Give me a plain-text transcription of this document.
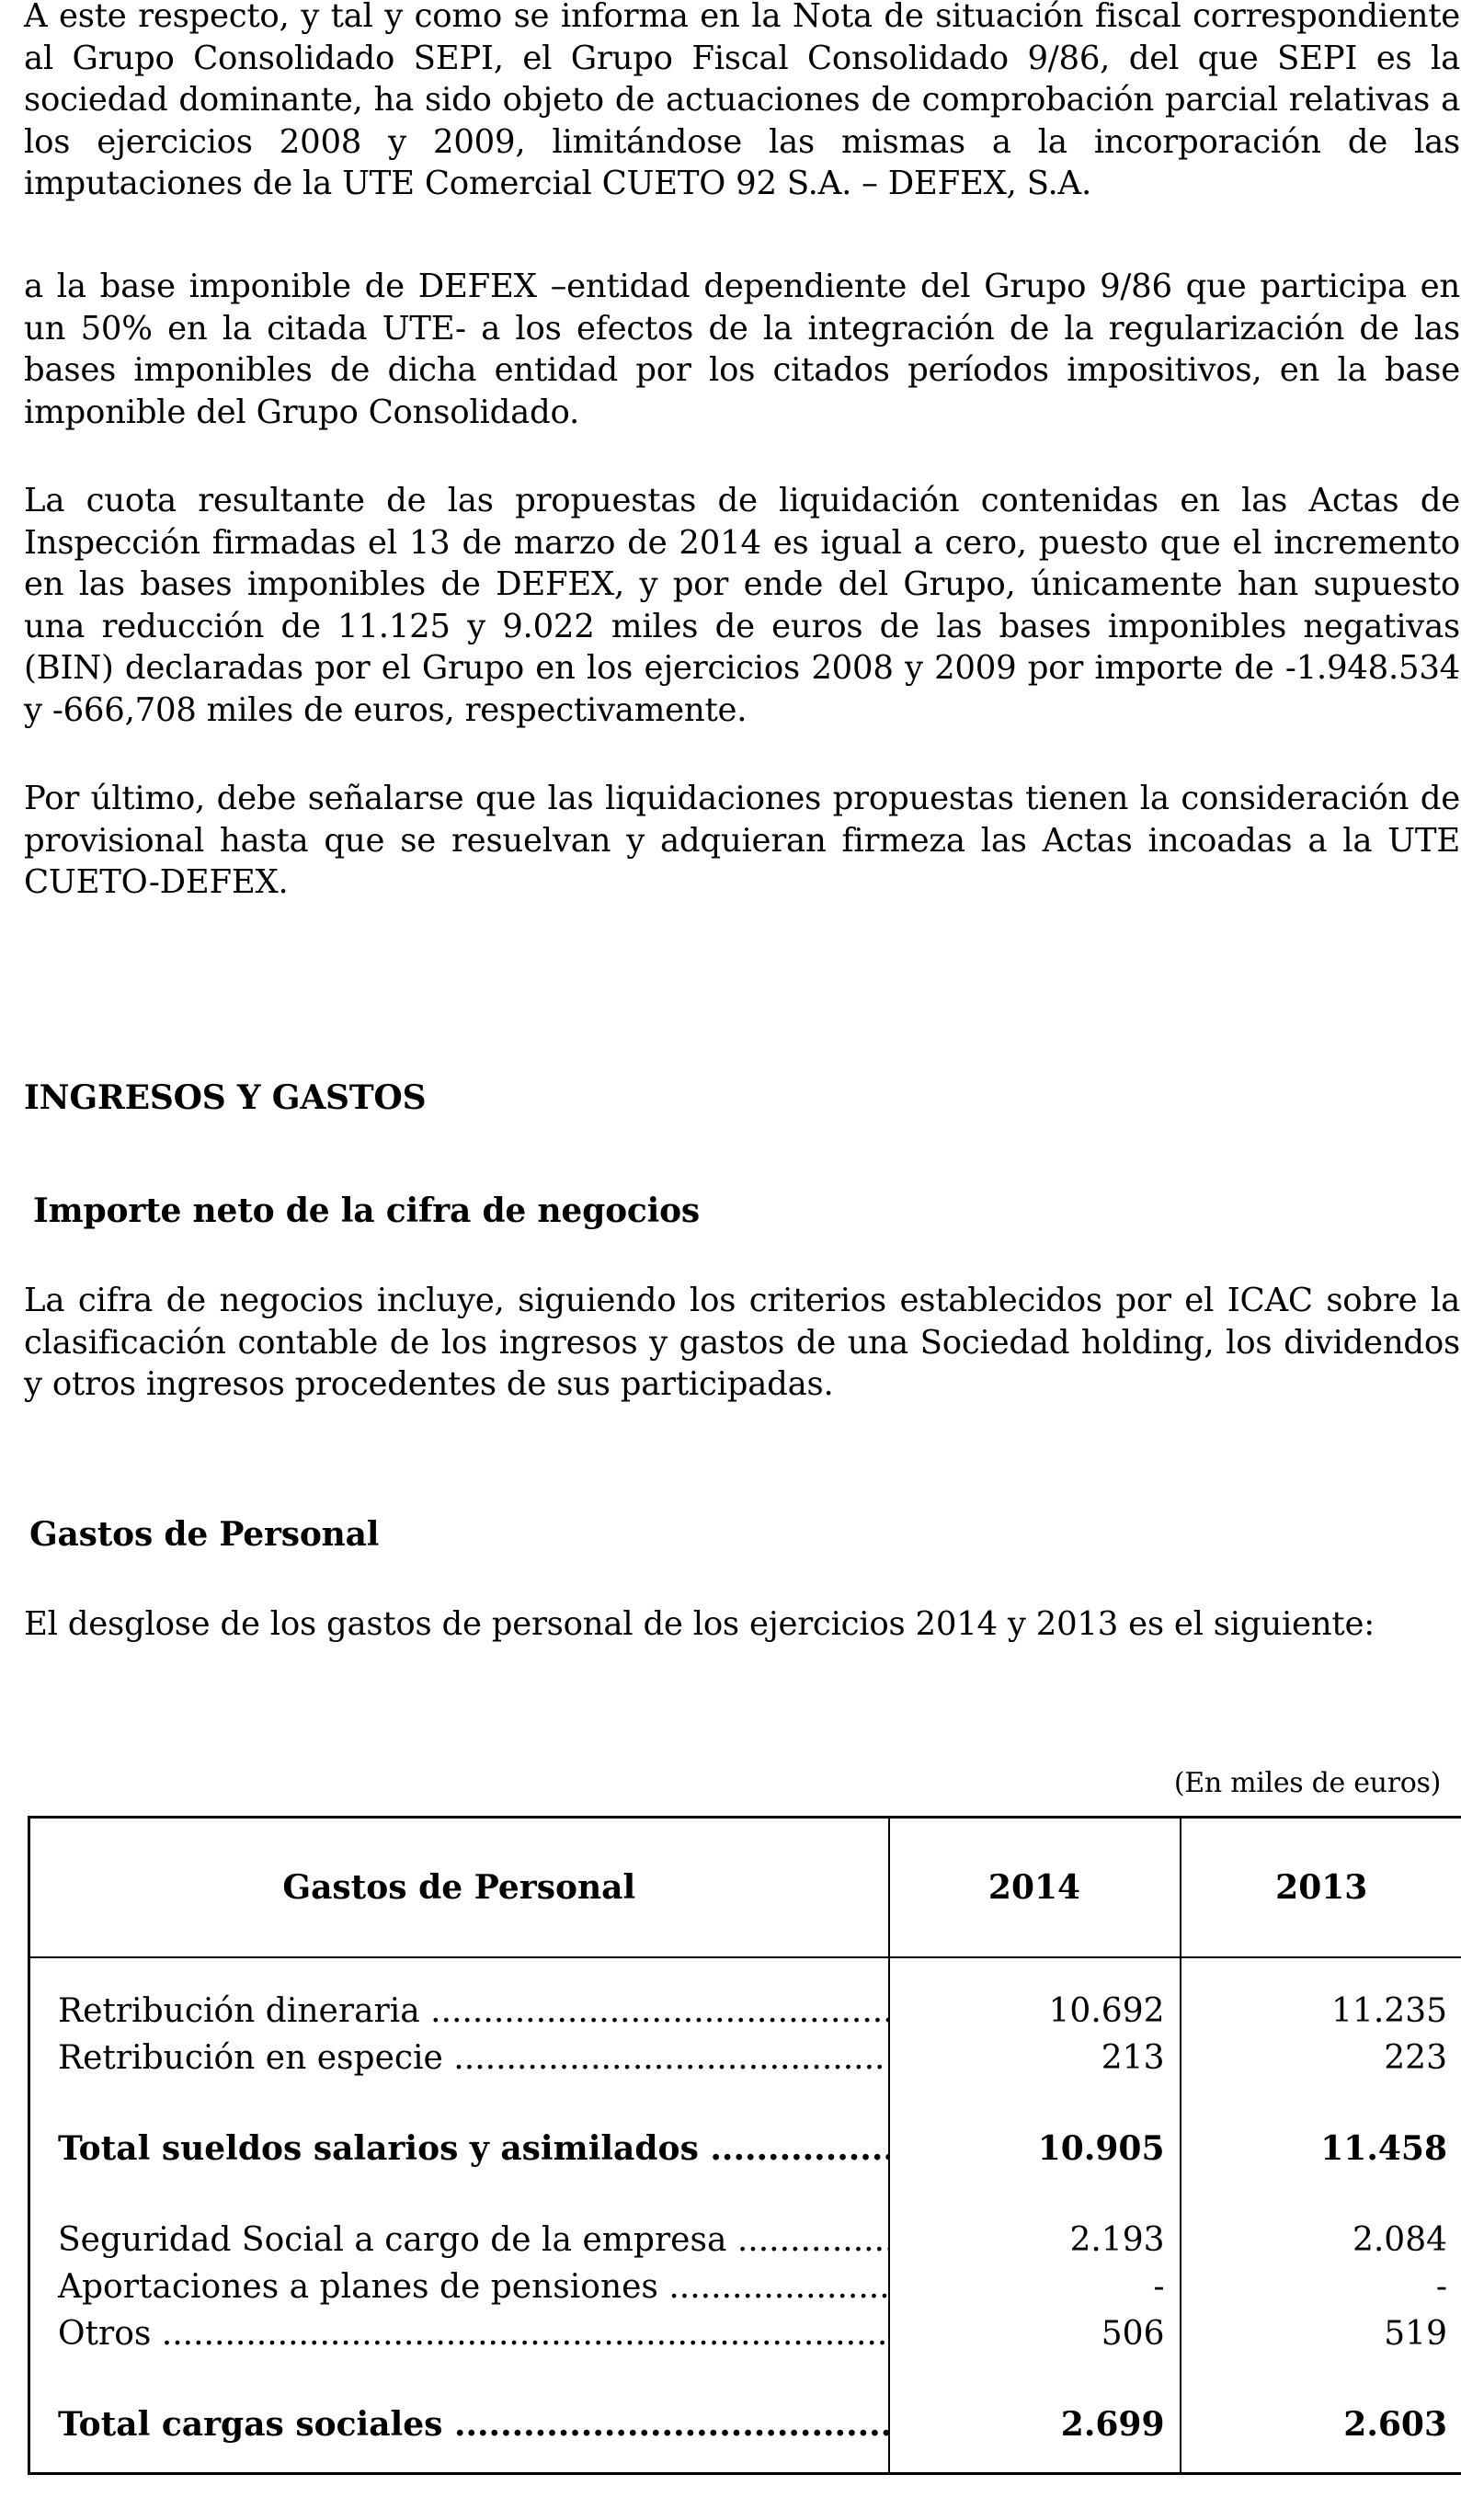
A este respecto, y tal y como se informa en la Nota de situación fiscal correspondiente al Grupo Consolidado SEPI, el Grupo Fiscal Consolidado 9/86, del que SEPI es la sociedad dominante, ha sido objeto de actuaciones de comprobación parcial relativas a los ejercicios 2008 y 2009, limitándose las mismas a la incorporación de las imputaciones de la UTE Comercial CUETO 92 S.A. – DEFEX, S.A.

a la base imponible de DEFEX –entidad dependiente del Grupo 9/86 que participa en un 50% en la citada UTE- a los efectos de la integración de la regularización de las bases imponibles de dicha entidad por los citados períodos impositivos, en la base imponible del Grupo Consolidado.

La cuota resultante de las propuestas de liquidación contenidas en las Actas de Inspección firmadas el 13 de marzo de 2014 es igual a cero, puesto que el incremento en las bases imponibles de DEFEX, y por ende del Grupo, únicamente han supuesto una reducción de 11.125 y 9.022 miles de euros de las bases imponibles negativas (BIN) declaradas por el Grupo en los ejercicios 2008 y 2009 por importe de -1.948.534 y -666,708 miles de euros, respectivamente.

Por último, debe señalarse que las liquidaciones propuestas tienen la consideración de provisional hasta que se resuelvan y adquieran firmeza las Actas incoadas a la UTE CUETO-DEFEX.

INGRESOS Y GASTOS
Importe neto de la cifra de negocios

La cifra de negocios incluye, siguiendo los criterios establecidos por el ICAC sobre la clasificación contable de los ingresos y gastos de una Sociedad holding, los dividendos y otros ingresos procedentes de sus participadas.

Gastos de Personal

El desglose de los gastos de personal de los ejercicios 2014 y 2013 es el siguiente:

(En miles de euros)
Gastos de Personal	2014	2013

Retribución dineraria .....	10.692	11.235
Retribución en especie .....	213	223

Total sueldos salarios y asimilados .....	10.905	11.458

Seguridad Social a cargo de la empresa .....	2.193	2.084
Aportaciones a planes de pensiones .....	-	-
Otros .....	506	519

Total cargas sociales .....	2.699	2.603
